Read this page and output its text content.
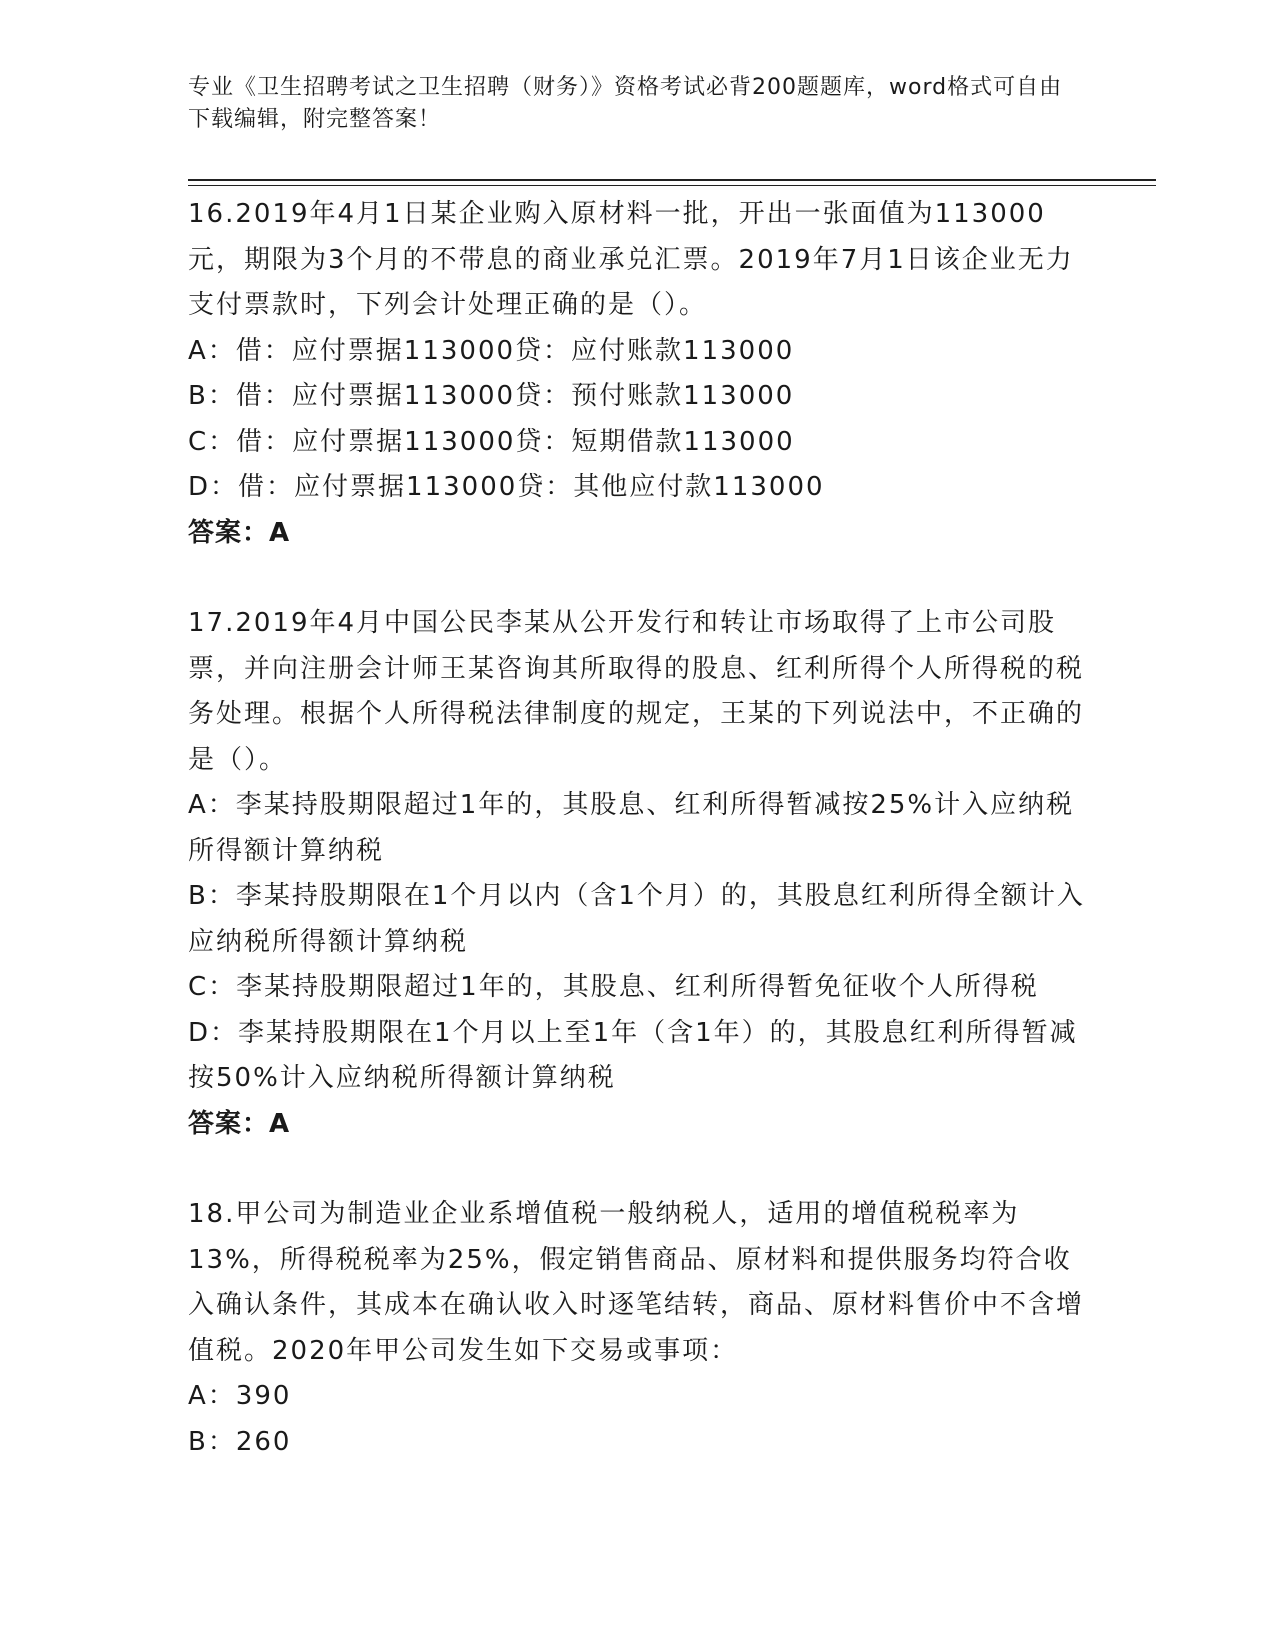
专业《卫生招聘考试之卫生招聘（财务）》资格考试必背200题题库，word格式可自由下载编辑，附完整答案！

16.2019年4月1日某企业购入原材料一批，开出一张面值为113000元，期限为3个月的不带息的商业承兑汇票。2019年7月1日该企业无力支付票款时，下列会计处理正确的是（）。

A：借：应付票据113000贷：应付账款113000

B：借：应付票据113000贷：预付账款113000

C：借：应付票据113000贷：短期借款113000

D：借：应付票据113000贷：其他应付款113000

答案：A

17.2019年4月中国公民李某从公开发行和转让市场取得了上市公司股票，并向注册会计师王某咨询其所取得的股息、红利所得个人所得税的税务处理。根据个人所得税法律制度的规定，王某的下列说法中，不正确的是（）。

A：李某持股期限超过1年的，其股息、红利所得暂减按25%计入应纳税所得额计算纳税

B：李某持股期限在1个月以内（含1个月）的，其股息红利所得全额计入应纳税所得额计算纳税

C：李某持股期限超过1年的，其股息、红利所得暂免征收个人所得税

D：李某持股期限在1个月以上至1年（含1年）的，其股息红利所得暂减按50%计入应纳税所得额计算纳税

答案：A

18.甲公司为制造业企业系增值税一般纳税人，适用的增值税税率为13%，所得税税率为25%，假定销售商品、原材料和提供服务均符合收入确认条件，其成本在确认收入时逐笔结转，商品、原材料售价中不含增值税。2020年甲公司发生如下交易或事项：

A：390

B：260
